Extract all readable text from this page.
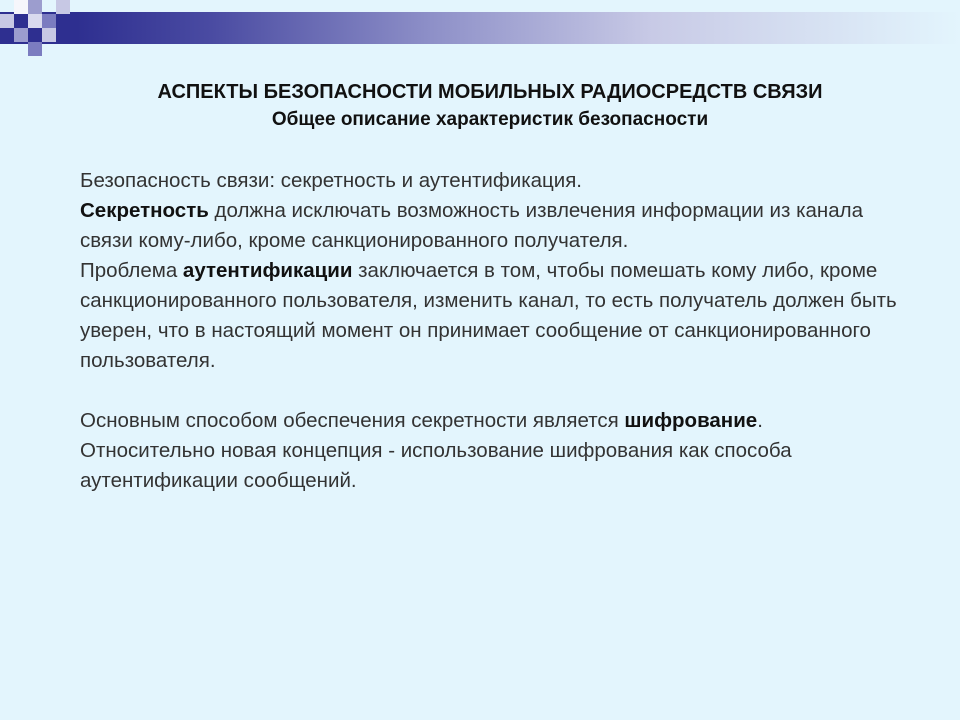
АСПЕКТЫ БЕЗОПАСНОСТИ МОБИЛЬНЫХ РАДИОСРЕДСТВ СВЯЗИ
Общее описание характеристик безопасности

Безопасность связи: секретность и аутентификация.

Секретность должна исключать возможность извлечения информации из канала связи кому-либо, кроме санкционированного получателя.

Проблема аутентификации заключается в том, чтобы помешать кому либо, кроме санкционированного пользователя, изменить канал, то есть получатель должен быть уверен, что в настоящий момент он принимает сообщение от санкционированного пользователя.

Основным способом обеспечения секретности является шифрование.

Относительно новая концепция - использование шифрования как способа аутентификации сообщений.
